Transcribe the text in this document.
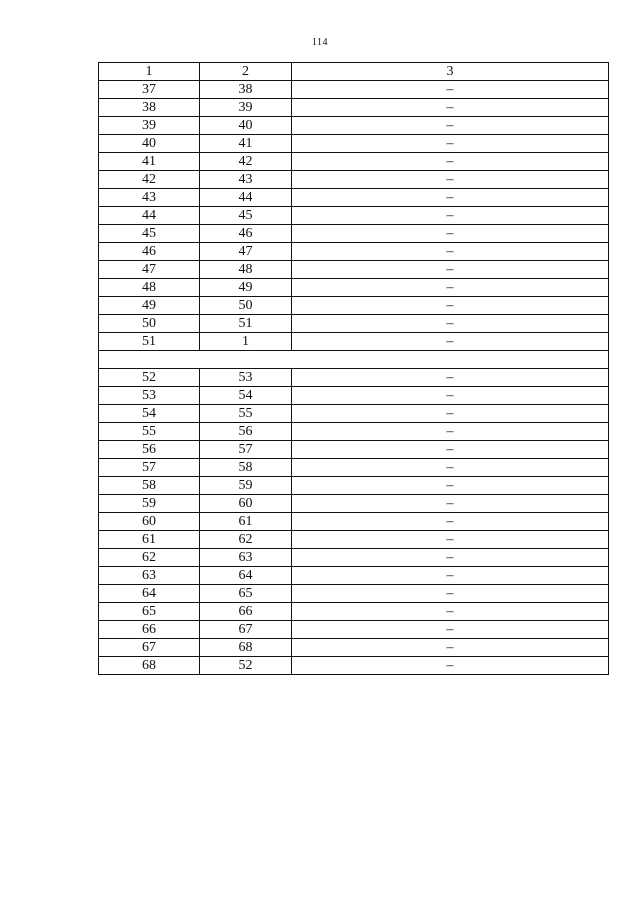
114
1	2	3
37	38	–
38	39	–
39	40	–
40	41	–
41	42	–
42	43	–
43	44	–
44	45	–
45	46	–
46	47	–
47	48	–
48	49	–
49	50	–
50	51	–
51	1	–

52	53	–
53	54	–
54	55	–
55	56	–
56	57	–
57	58	–
58	59	–
59	60	–
60	61	–
61	62	–
62	63	–
63	64	–
64	65	–
65	66	–
66	67	–
67	68	–
68	52	–
